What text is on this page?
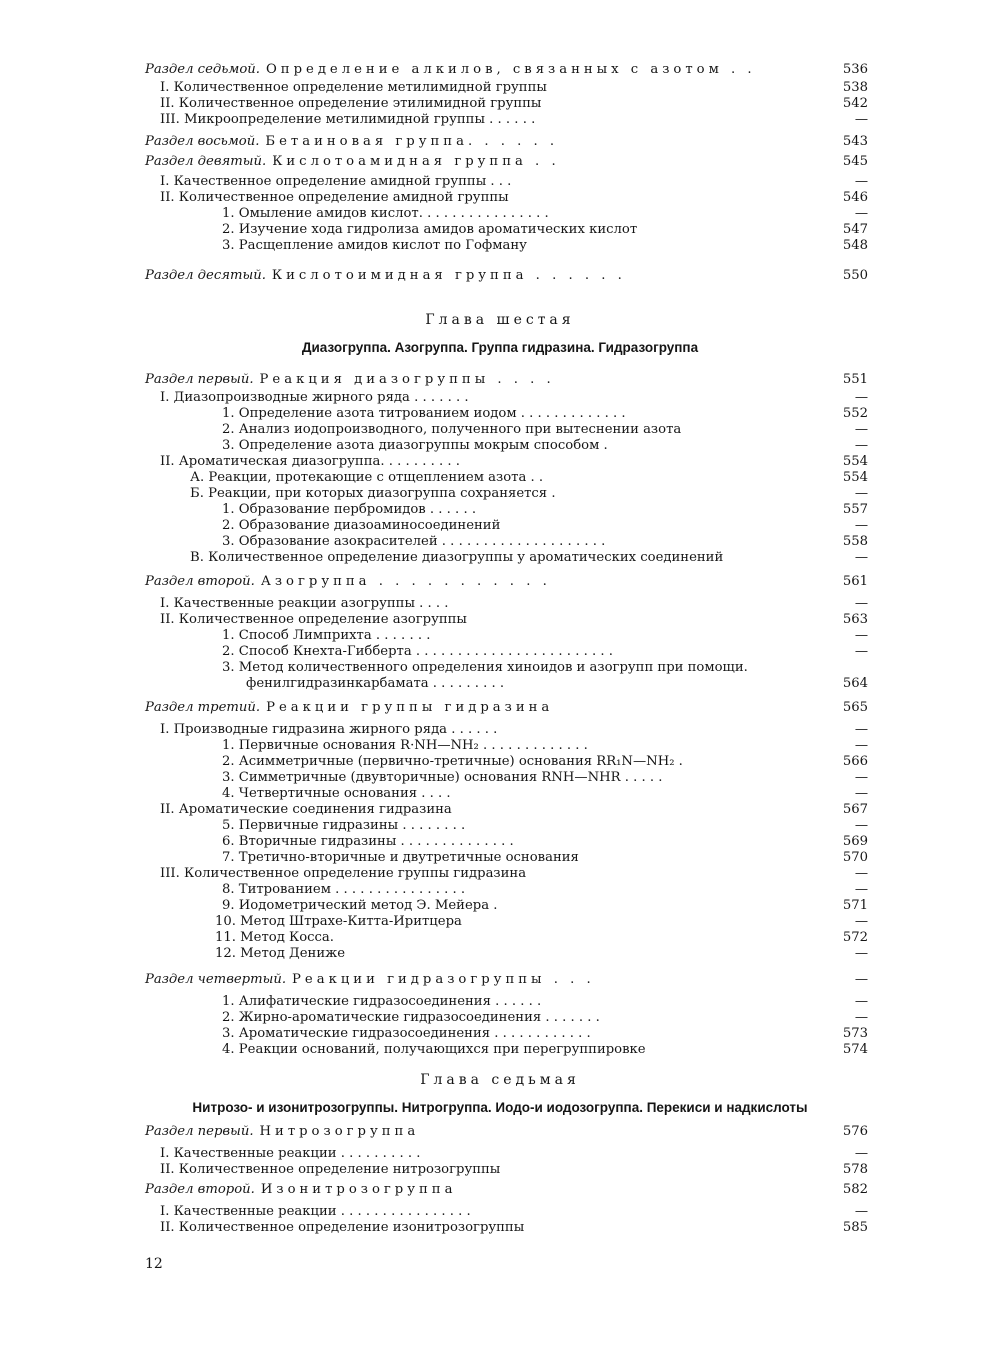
Раздел седьмой. Определение алкилов, связанных с азотом . .	536
I. Количественное определение метилимидной группы	538
II. Количественное определение этилимидной группы	542
III. Микроопределение метилимидной группы . . . . . .	—
Раздел восьмой. Бетаиновая группа. . . . . .	543
Раздел девятый. Кислотоамидная группа . .	545
I. Качественное определение амидной группы . . .	—
II. Количественное определение амидной группы	546
1. Омыление амидов кислот. . . . . . . . . . . . . . . .	—
2. Изучение хода гидролиза амидов ароматических кислот	547
3. Расщепление амидов кислот по Гофману	548
Раздел десятый. Кислотоимидная группа . . . . . .	550
Раздел первый. Реакция диазогруппы . . . .	551
I. Диазопроизводные жирного ряда . . . . . . .	—
1. Определение азота титрованием иодом . . . . . . . . . . . . .	552
2. Анализ иодопроизводного, полученного при вытеснении азота	—
3. Определение азота диазогруппы мокрым способом .	—
II. Ароматическая диазогруппа. . . . . . . . . .	554
А. Реакции, протекающие с отщеплением азота . .	554
Б. Реакции, при которых диазогруппа сохраняется .	—
1. Образование пербромидов . . . . . .	557
2. Образование диазоаминосоединений	—
3. Образование азокрасителей . . . . . . . . . . . . . . . . . . . .	558
В. Количественное определение диазогруппы у ароматических соединений	—
Раздел второй. Азогруппа . . . . . . . . . . .	561
I. Качественные реакции азогруппы . . . .	—
II. Количественное определение азогруппы	563
1. Способ Лимприхта . . . . . . .	—
2. Способ Кнехта-Гибберта . . . . . . . . . . . . . . . . . . . . . . . .	—
3. Метод количественного определения хиноидов и азогрупп при помощи.
фенилгидразинкарбамата . . . . . . . . .	564
Раздел третий. Реакции группы гидразина	565
I. Производные гидразина жирного ряда . . . . . .	—
1. Первичные основания R·NH—NH₂ . . . . . . . . . . . . .	—
2. Асимметричные (первично-третичные) основания RR₁N—NH₂ .	566
3. Симметричные (двувторичные) основания RNH—NHR . . . . .	—
4. Четвертичные основания . . . .	—
II. Ароматические соединения гидразина	567
5. Первичные гидразины . . . . . . . .	—
6. Вторичные гидразины . . . . . . . . . . . . . .	569
7. Третично-вторичные и двутретичные основания	570
III. Количественное определение группы гидразина	—
8. Титрованием . . . . . . . . . . . . . . . .	—
9. Иодометрический метод Э. Мейера .	571
10. Метод Штрахе-Китта-Иритцера	—
11. Метод Косса.	572
12. Метод Дениже	—
Раздел четвертый. Реакции гидразогруппы . . .	—
1. Алифатические гидразосоединения . . . . . .	—
2. Жирно-ароматические гидразосоединения . . . . . . .	—
3. Ароматические гидразосоединения . . . . . . . . . . . .	573
4. Реакции оснований, получающихся при перегруппировке	574
Раздел первый. Нитрозогруппа	576
I. Качественные реакции . . . . . . . . . .	—
II. Количественное определение нитрозогруппы	578
Раздел второй. Изонитрозогруппа	582
I. Качественные реакции . . . . . . . . . . . . . . . .	—
II. Количественное определение изонитрозогруппы	585
Глава шестая
Диазогруппа. Азогруппа. Группа гидразина. Гидразогруппа
Глава седьмая
Нитрозо- и изонитрозогруппы. Нитрогруппа. Иодо-и иодозогруппа. Перекиси и надкислоты
12
